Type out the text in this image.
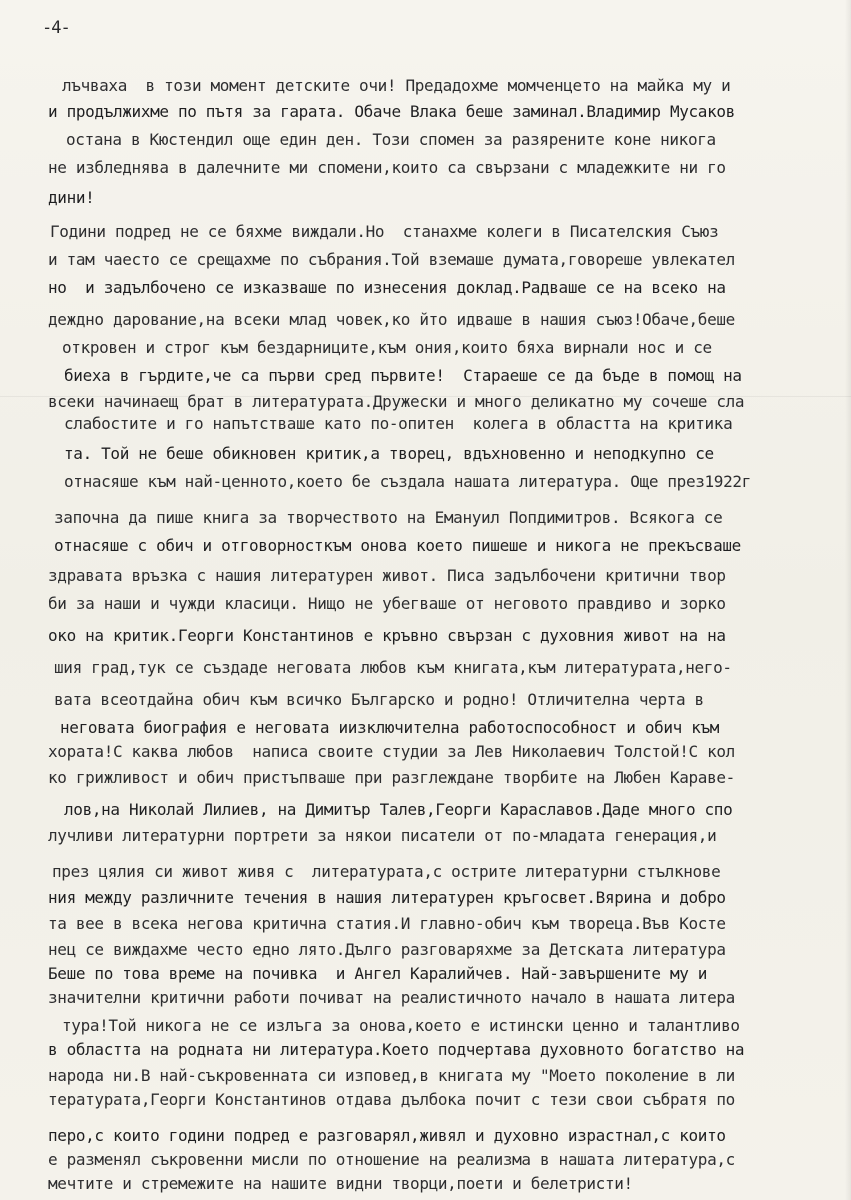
-4-
лъчваха  в този момент детските очи! Предадохме момченцето на майка му и
и продължихме по пътя за гарата. Обаче Влака беше заминал.Владимир Мусаков
остана в Кюстендил още един ден. Този спомен за разярените коне никога
не избледнява в далечните ми спомени,които са свързани с младежките ни го
дини!
Години подред не се бяхме виждали.Но  станахме колеги в Писателския Съюз
и там чаесто се срещахме по събрания.Той вземаше думата,говореше увлекател
но  и задълбочено се изказваше по изнесения доклад.Радваше се на всеко на
деждно дарование,на всеки млад човек,ко йто идваше в нашия съюз!Обаче,беше
откровен и строг към бездарниците,към ония,които бяха вирнали нос и се
биеха в гърдите,че са първи сред първите!  Стараеше се да бъде в помощ на
всеки начинаещ брат в литературата.Дружески и много деликатно му сочеше сла
слабостите и го напътстваше като по-опитен  колега в областта на критика
та. Той не беше обикновен критик,а творец, вдъхновенно и неподкупно се
отнасяше към най-ценното,което бе създала нашата литература. Още през1922г
започна да пише книга за творчеството на Емануил Попдимитров. Всякога се
отнасяше с обич и отговорносткъм онова което пишеше и никога не прекъсваше
здравата връзка с нашия литературен живот. Писа задълбочени критични твор
би за наши и чужди класици. Нищо не убегваше от неговото правдиво и зорко
око на критик.Георги Константинов е кръвно свързан с духовния живот на на
шия град,тук се създаде неговата любов към книгата,към литературата,него-
вата всеотдайна обич към всичко Българско и родно! Отличителна черта в
неговата биография е неговата иизключителна работоспособност и обич към
хората!С каква любов  написа своите студии за Лев Николаевич Толстой!С кол
ко грижливост и обич пристъпваше при разглеждане творбите на Любен Караве-
лов,на Николай Лилиев, на Димитър Талев,Георги Караславов.Даде много спо
лучливи литературни портрети за някои писатели от по-младата генерация,и
през цялия си живот живя с  литературата,с острите литературни стълкнове
ния между различните течения в нашия литературен кръгосвет.Вярина и добро
та вее в всека негова критична статия.И главно-обич към твореца.Във Косте
нец се виждахме често едно лято.Дълго разговаряхме за Детската литература
Беше по това време на почивка  и Ангел Каралийчев. Най-завършените му и
значителни критични работи почиват на реалистичното начало в нашата литера
тура!Той никога не се излъга за онова,което е истински ценно и талантливо
в областта на родната ни литература.Което подчертава духовното богатство на
народа ни.В най-съкровенната си изповед,в книгата му "Моето поколение в ли
тературата,Георги Константинов отдава дълбока почит с тези свои събратя по
перо,с които години подред е разговарял,живял и духовно израстнал,с които
е разменял съкровенни мисли по отношение на реализма в нашата литература,с
мечтите и стремежите на нашите видни творци,поети и белетристи!
